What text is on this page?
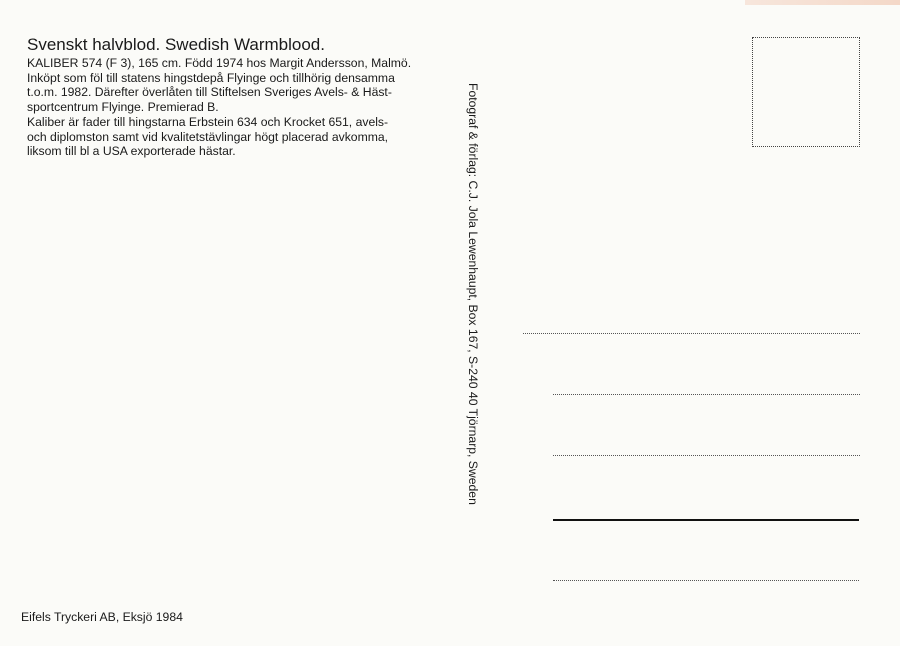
Svenskt halvblod. Swedish Warmblood.
KALIBER 574 (F 3), 165 cm. Född 1974 hos Margit Andersson, Malmö.
Inköpt som föl till statens hingstdepå Flyinge och tillhörig densamma
t.o.m. 1982. Därefter överlåten till Stiftelsen Sveriges Avels- & Häst-
sportcentrum Flyinge. Premierad B.
Kaliber är fader till hingstarna Erbstein 634 och Krocket 651, avels-
och diplomston samt vid kvalitetstävlingar högt placerad avkomma,
liksom till bl a USA exporterade hästar.
Eifels Tryckeri AB, Eksjö 1984
Fotograf & förlag: C.J. Jola Lewenhaupt, Box 167, S-240 40 Tjörnarp, Sweden
